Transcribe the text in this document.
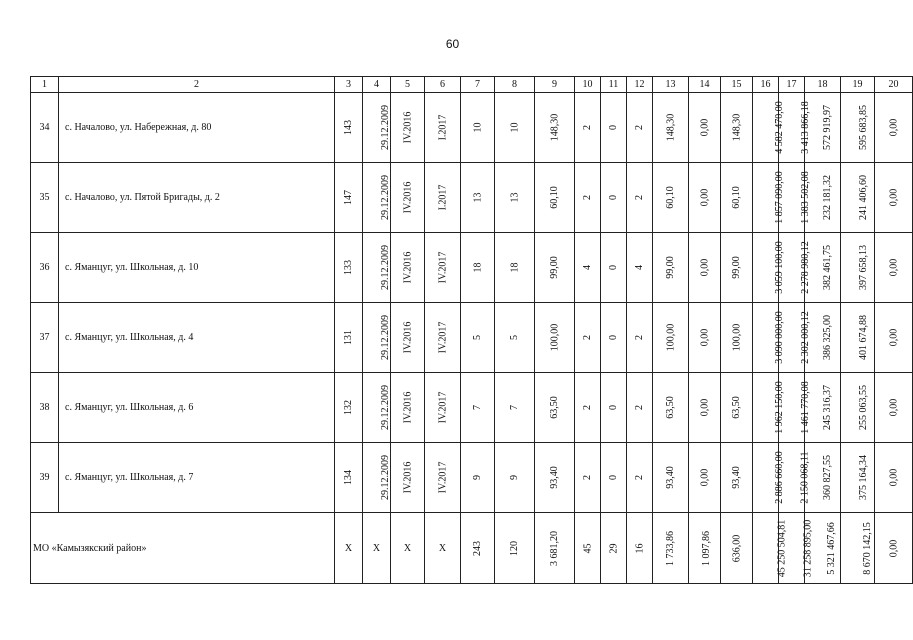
60
1	2	3	4	5	6	7	8	9	10	11	12	13	14	15	16	17	18	19	20
34	с. Началово, ул. Набережная, д. 80	143	29.12.2009	IV.2016	I.2017	10	10	148,30	2	0	2	148,30	0,00	148,30	4 582 470,00	3 413 866,18	572 919,97	595 683,85	0,00
35	с. Началово, ул. Пятой Бригады, д. 2	147	29.12.2009	IV.2016	I.2017	13	13	60,10	2	0	2	60,10	0,00	60,10	1 857 090,00	1 383 502,08	232 181,32	241 406,60	0,00
36	с. Яманцуг, ул. Школьная, д. 10	133	29.12.2009	IV.2016	IV.2017	18	18	99,00	4	0	4	99,00	0,00	99,00	3 059 100,00	2 278 980,12	382 461,75	397 658,13	0,00
37	с. Яманцуг, ул. Школьная, д. 4	131	29.12.2009	IV.2016	IV.2017	5	5	100,00	2	0	2	100,00	0,00	100,00	3 090 000,00	2 302 000,12	386 325,00	401 674,88	0,00
38	с. Яманцуг, ул. Школьная, д. 6	132	29.12.2009	IV.2016	IV.2017	7	7	63,50	2	0	2	63,50	0,00	63,50	1 962 150,00	1 461 770,08	245 316,37	255 063,55	0,00
39	с. Яманцуг, ул. Школьная, д. 7	134	29.12.2009	IV.2016	IV.2017	9	9	93,40	2	0	2	93,40	0,00	93,40	2 886 660,00	2 150 068,11	360 827,55	375 164,34	0,00
МО «Камызякский район»		X	X	X	X	243	120	3 681,20	45	29	16	1 733,86	1 097,86	636,00	45 250 504,81	31 258 895,00	5 321 467,66	8 670 142,15	0,00
